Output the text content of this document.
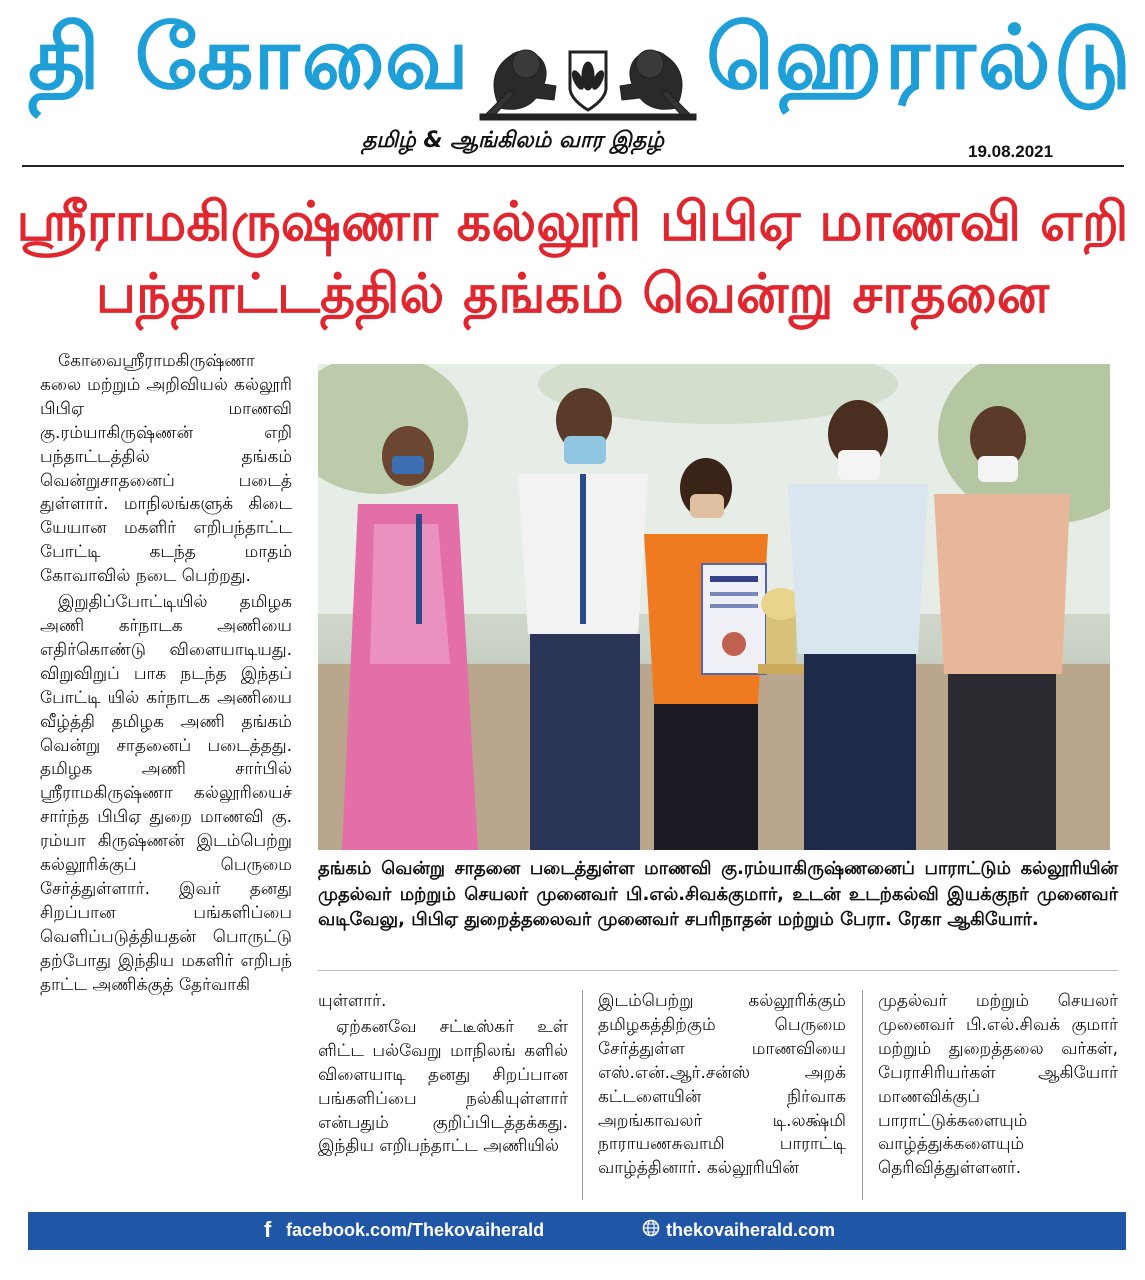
தி கோவை	ஹெரால்டு
தமிழ் & ஆங்கிலம் வார இதழ்	19.08.2021
ஸ்ரீராமகிருஷ்ணா கல்லூரி பிபிஏ மாணவி எறி
பந்தாட்டத்தில் தங்கம் வென்று சாதனை

கோவைஸ்ரீராமகிருஷ்ணா கலை மற்றும் அறிவியல் கல்லூரி பிபிஏ மாணவி கு.ரம்யாகிருஷ்ணன் எறி பந்தாட்டத்தில் தங்கம் வென்றுசாதனைப் படைத் துள்ளார். மாநிலங்களுக் கிடை யேயான மகளிர் எறிபந்தாட்ட போட்டி கடந்த மாதம் கோவாவில் நடை பெற்றது.

இறுதிப்போட்டியில் தமிழக அணி கர்நாடக அணியை எதிர்கொண்டு விளையாடியது. விறுவிறுப் பாக நடந்த இந்தப் போட்டி யில் கர்நாடக அணியை வீழ்த்தி தமிழக அணி தங்கம் வென்று சாதனைப் படைத்தது. தமிழக அணி சார்பில் ஸ்ரீராமகிருஷ்ணா கல்லூரியைச் சார்ந்த பிபிஏ துறை மாணவி கு. ரம்யா கிருஷ்ணன் இடம்பெற்று கல்லூரிக்குப் பெருமை சேர்த்துள்ளார். இவர் தனது சிறப்பான பங்களிப்பை வெளிப்படுத்தியதன் பொருட்டு தற்போது இந்திய மகளிர் எறிபந் தாட்ட அணிக்குத் தேர்வாகி

தங்கம் வென்று சாதனை படைத்துள்ள மாணவி கு.ரம்யாகிருஷ்ணனைப் பாராட்டும் கல்லூரியின் முதல்வர் மற்றும் செயலர் முனைவர் பி.எல்.சிவக்குமார், உடன் உடற்கல்வி இயக்குநர் முனைவர் வடிவேலு, பிபிஏ துறைத்தலைவர் முனைவர் சபரிநாதன் மற்றும் பேரா. ரேகா ஆகியோர்.

யுள்ளார்.

ஏற்கனவே சட்டீஸ்கர் உள் ளிட்ட பல்வேறு மாநிலங் களில் விளையாடி தனது சிறப்பான பங்களிப்பை நல்கியுள்ளார் என்பதும் குறிப்பிடத்தக்கது. இந்திய எறிபந்தாட்ட அணியில்

இடம்பெற்று கல்லூரிக்கும் தமிழகத்திற்கும் பெருமை சேர்த்துள்ள மாணவியை எஸ்.என்.ஆர்.சன்ஸ் அறக் கட்டளையின் நிர்வாக அறங்காவலர் டி.லக்ஷ்மி நாராயணசுவாமி பாராட்டி வாழ்த்தினார். கல்லூரியின்

முதல்வர் மற்றும் செயலர் முனைவர் பி.எல்.சிவக் குமார் மற்றும் துறைத்தலை வர்கள், பேராசிரியர்கள் ஆகியோர் மாணவிக்குப் பாராட்டுக்களையும் வாழ்த்துக்களையும் தெரிவித்துள்ளனர்.

f facebook.com/Thekovaiherald	thekovaiherald.com
